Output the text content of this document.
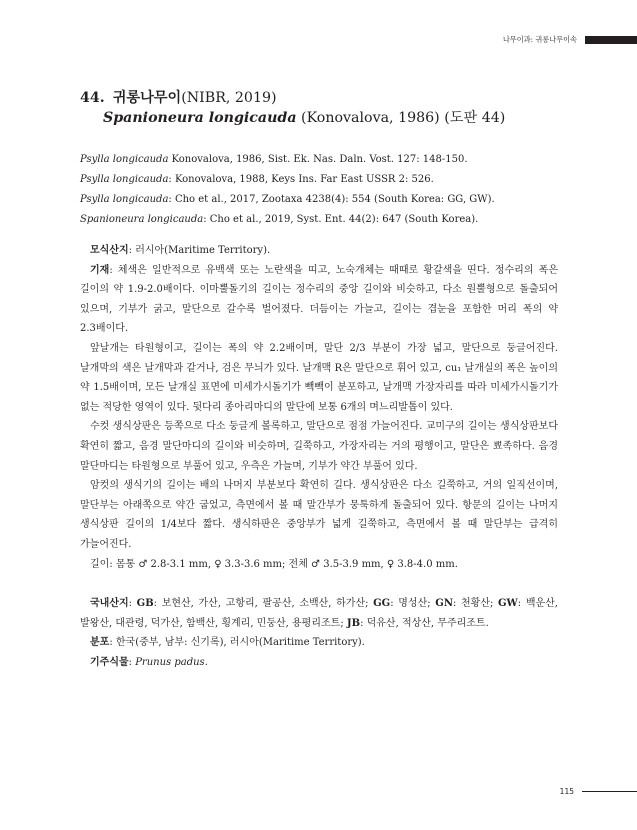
나무이과: 귀롱나무이속
44. 귀롱나무이(NIBR, 2019)
Spanioneura longicauda (Konovalova, 1986) (도판 44)
Psylla longicauda Konovalova, 1986, Sist. Ek. Nas. Daln. Vost. 127: 148-150.
Psylla longicauda: Konovalova, 1988, Keys Ins. Far East USSR 2: 526.
Psylla longicauda: Cho et al., 2017, Zootaxa 4238(4): 554 (South Korea: GG, GW).
Spanioneura longicauda: Cho et al., 2019, Syst. Ent. 44(2): 647 (South Korea).

모식산지: 러시아(Maritime Territory).

기재: 체색은 일반적으로 유백색 또는 노란색을 띠고, 노숙개체는 때때로 황갈색을 띤다. 정수리의 폭은 길이의 약 1.9-2.0배이다. 이마뿔돌기의 길이는 정수리의 중앙 길이와 비슷하고, 다소 원뿔형으로 돌출되어 있으며, 기부가 굵고, 말단으로 갈수록 벌어졌다. 더듬이는 가늘고, 길이는 겹눈을 포함한 머리 폭의 약 2.3배이다.

앞날개는 타원형이고, 길이는 폭의 약 2.2배이며, 말단 2/3 부분이 가장 넓고, 말단으로 둥글어진다. 날개막의 색은 날개막과 같거나, 검은 무늬가 있다. 날개맥 R은 말단으로 휘어 있고, cu₁ 날개실의 폭은 높이의 약 1.5배이며, 모든 날개실 표면에 미세가시돌기가 빽빽이 분포하고, 날개맥 가장자리를 따라 미세가시돌기가 없는 적당한 영역이 있다. 뒷다리 종아리마디의 말단에 보통 6개의 며느리발톱이 있다.

수컷 생식상판은 등쪽으로 다소 둥글게 볼록하고, 말단으로 점점 가늘어진다. 교미구의 길이는 생식상판보다 확연히 짧고, 음경 말단마디의 길이와 비슷하며, 길쭉하고, 가장자리는 거의 평행이고, 말단은 뾰족하다. 음경 말단마디는 타원형으로 부풀어 있고, 우측은 가늘며, 기부가 약간 부풀어 있다.

암컷의 생식기의 길이는 배의 나머지 부분보다 확연히 길다. 생식상판은 다소 길쭉하고, 거의 일직선이며, 말단부는 아래쪽으로 약간 굽었고, 측면에서 볼 때 말간부가 뭉툭하게 돌출되어 있다. 항문의 길이는 나머지 생식상판 길이의 1/4보다 짧다. 생식하판은 중앙부가 넓게 길쭉하고, 측면에서 볼 때 말단부는 급격히 가늘어진다.

길이: 몸통 ♂ 2.8-3.1 mm, ♀ 3.3-3.6 mm; 전체 ♂ 3.5-3.9 mm, ♀ 3.8-4.0 mm.

국내산지: GB: 보현산, 가산, 고항리, 팔공산, 소백산, 하가산; GG: 명성산; GN: 천황산; GW: 백운산, 발왕산, 대관령, 덕가산, 함백산, 횡계리, 민둥산, 용평리조트; JB: 덕유산, 적상산, 무주리조트.

분포: 한국(중부, 남부: 신기록), 러시아(Maritime Territory).

기주식물: Prunus padus.

115
